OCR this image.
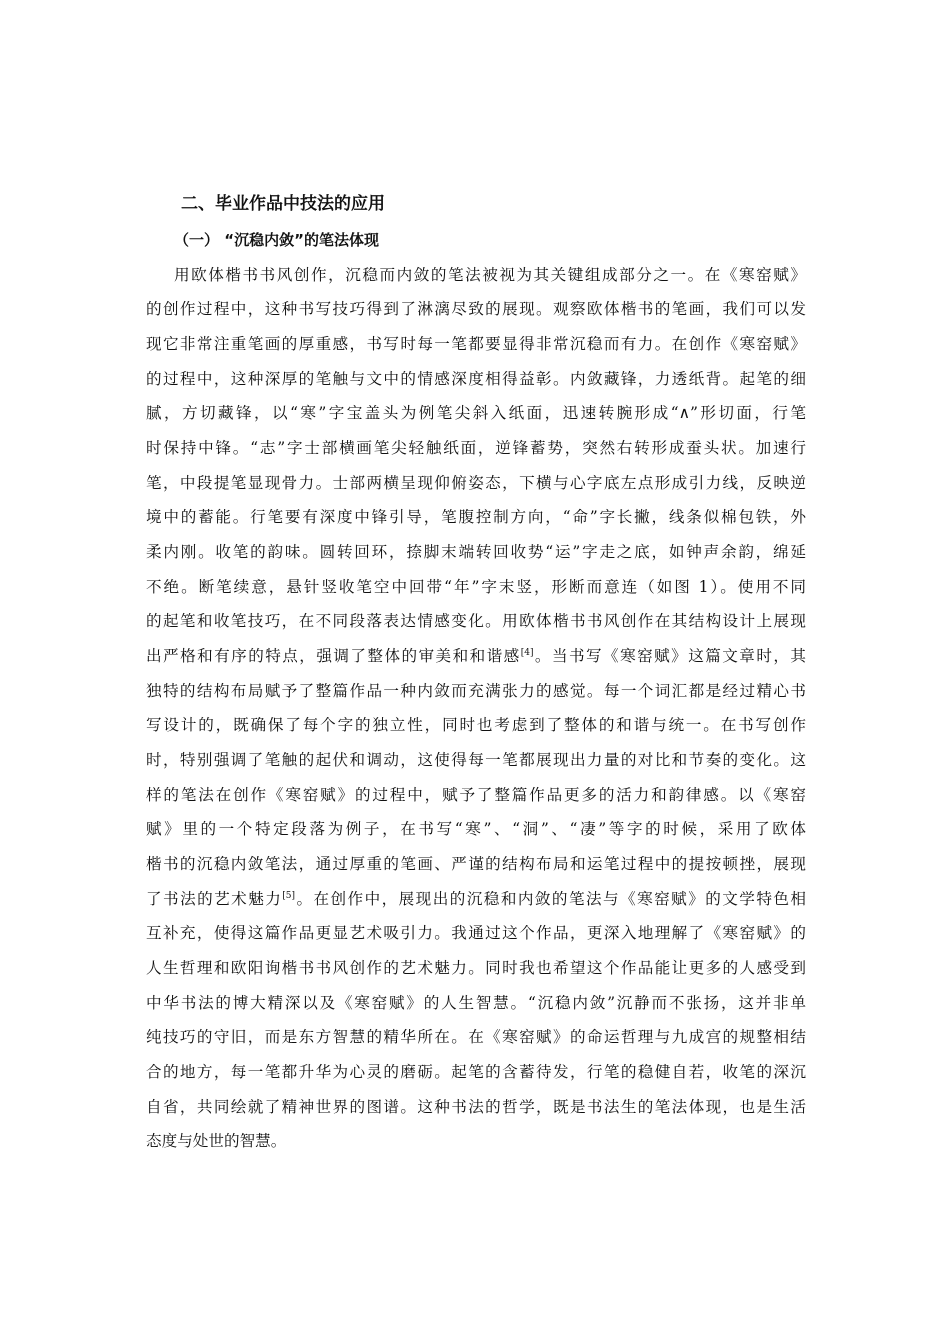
二、毕业作品中技法的应用
（一） “沉稳内敛”的笔法体现
用欧体楷书书风创作，沉稳而内敛的笔法被视为其关键组成部分之一。在《寒窑赋》
的创作过程中，这种书写技巧得到了淋漓尽致的展现。观察欧体楷书的笔画，我们可以发
现它非常注重笔画的厚重感，书写时每一笔都要显得非常沉稳而有力。在创作《寒窑赋》
的过程中，这种深厚的笔触与文中的情感深度相得益彰。内敛藏锋，力透纸背。起笔的细
腻，方切藏锋，以“寒”字宝盖头为例笔尖斜入纸面，迅速转腕形成“∧”形切面，行笔
时保持中锋。“志”字士部横画笔尖轻触纸面，逆锋蓄势，突然右转形成蚕头状。加速行
笔，中段提笔显现骨力。士部两横呈现仰俯姿态，下横与心字底左点形成引力线，反映逆
境中的蓄能。行笔要有深度中锋引导，笔腹控制方向，“命”字长撇，线条似棉包铁，外
柔内刚。收笔的韵味。圆转回环，捺脚末端转回收势“运”字走之底，如钟声余韵，绵延
不绝。断笔续意，悬针竖收笔空中回带“年”字末竖，形断而意连（如图 1）。使用不同
的起笔和收笔技巧，在不同段落表达情感变化。用欧体楷书书风创作在其结构设计上展现
出严格和有序的特点，强调了整体的审美和和谐感[4]。当书写《寒窑赋》这篇文章时，其
独特的结构布局赋予了整篇作品一种内敛而充满张力的感觉。每一个词汇都是经过精心书
写设计的，既确保了每个字的独立性，同时也考虑到了整体的和谐与统一。在书写创作
时，特别强调了笔触的起伏和调动，这使得每一笔都展现出力量的对比和节奏的变化。这
样的笔法在创作《寒窑赋》的过程中，赋予了整篇作品更多的活力和韵律感。以《寒窑
赋》里的一个特定段落为例子，在书写“寒”、“洞”、“凄”等字的时候，采用了欧体
楷书的沉稳内敛笔法，通过厚重的笔画、严谨的结构布局和运笔过程中的提按顿挫，展现
了书法的艺术魅力[5]。在创作中，展现出的沉稳和内敛的笔法与《寒窑赋》的文学特色相
互补充，使得这篇作品更显艺术吸引力。我通过这个作品，更深入地理解了《寒窑赋》的
人生哲理和欧阳询楷书书风创作的艺术魅力。同时我也希望这个作品能让更多的人感受到
中华书法的博大精深以及《寒窑赋》的人生智慧。“沉稳内敛”沉静而不张扬，这并非单
纯技巧的守旧，而是东方智慧的精华所在。在《寒窑赋》的命运哲理与九成宫的规整相结
合的地方，每一笔都升华为心灵的磨砺。起笔的含蓄待发，行笔的稳健自若，收笔的深沉
自省，共同绘就了精神世界的图谱。这种书法的哲学，既是书法生的笔法体现，也是生活
态度与处世的智慧。
